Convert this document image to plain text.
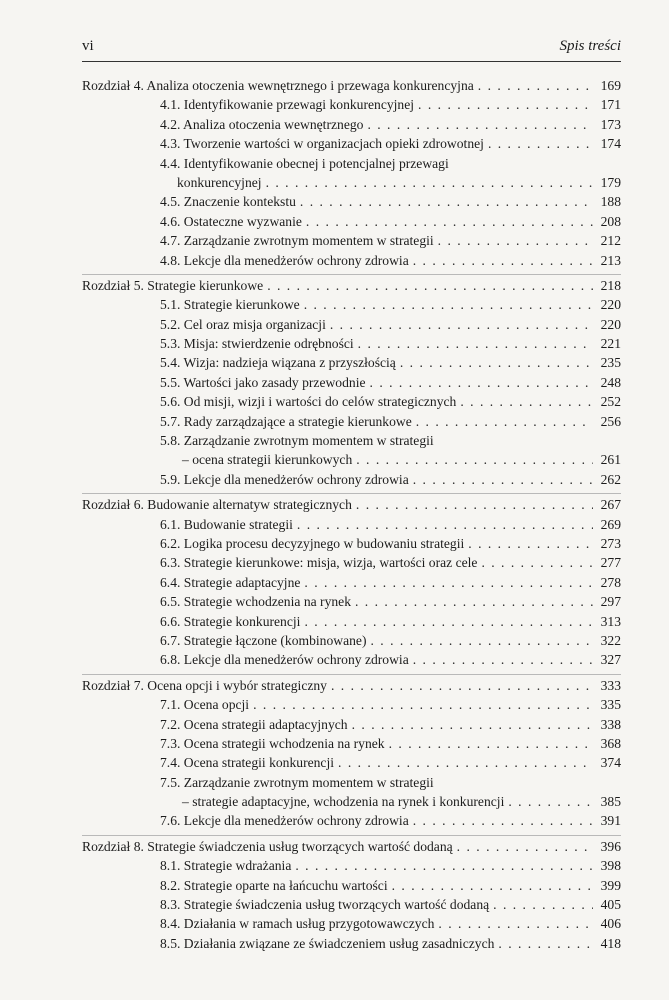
vi	Spis treści
Rozdział 4. Analiza otoczenia wewnętrznego i przewaga konkurencyjna . . .	169
4.1. Identyfikowanie przewagi konkurencyjnej . . .	171
4.2. Analiza otoczenia wewnętrznego . . .	173
4.3. Tworzenie wartości w organizacjach opieki zdrowotnej . . .	174
4.4. Identyfikowanie obecnej i potencjalnej przewagi
konkurencyjnej . . .	179
4.5. Znaczenie kontekstu . . .	188
4.6. Ostateczne wyzwanie . . .	208
4.7. Zarządzanie zwrotnym momentem w strategii . . .	212
4.8. Lekcje dla menedżerów ochrony zdrowia . . .	213
Rozdział 5. Strategie kierunkowe . . .	218
5.1. Strategie kierunkowe . . .	220
5.2. Cel oraz misja organizacji . . .	220
5.3. Misja: stwierdzenie odrębności . . .	221
5.4. Wizja: nadzieja wiązana z przyszłością . . .	235
5.5. Wartości jako zasady przewodnie . . .	248
5.6. Od misji, wizji i wartości do celów strategicznych . . .	252
5.7. Rady zarządzające a strategie kierunkowe . . .	256
5.8. Zarządzanie zwrotnym momentem w strategii
– ocena strategii kierunkowych . . .	261
5.9. Lekcje dla menedżerów ochrony zdrowia . . .	262
Rozdział 6. Budowanie alternatyw strategicznych . . .	267
6.1. Budowanie strategii . . .	269
6.2. Logika procesu decyzyjnego w budowaniu strategii . . .	273
6.3. Strategie kierunkowe: misja, wizja, wartości oraz cele . . .	277
6.4. Strategie adaptacyjne . . .	278
6.5. Strategie wchodzenia na rynek . . .	297
6.6. Strategie konkurencji . . .	313
6.7. Strategie łączone (kombinowane) . . .	322
6.8. Lekcje dla menedżerów ochrony zdrowia . . .	327
Rozdział 7. Ocena opcji i wybór strategiczny . . .	333
7.1. Ocena opcji . . .	335
7.2. Ocena strategii adaptacyjnych . . .	338
7.3. Ocena strategii wchodzenia na rynek . . .	368
7.4. Ocena strategii konkurencji . . .	374
7.5. Zarządzanie zwrotnym momentem w strategii
– strategie adaptacyjne, wchodzenia na rynek i konkurencji . . .	385
7.6. Lekcje dla menedżerów ochrony zdrowia . . .	391
Rozdział 8. Strategie świadczenia usług tworzących wartość dodaną . . .	396
8.1. Strategie wdrażania . . .	398
8.2. Strategie oparte na łańcuchu wartości . . .	399
8.3. Strategie świadczenia usług tworzących wartość dodaną . . .	405
8.4. Działania w ramach usług przygotowawczych . . .	406
8.5. Działania związane ze świadczeniem usług zasadniczych . . .	418
